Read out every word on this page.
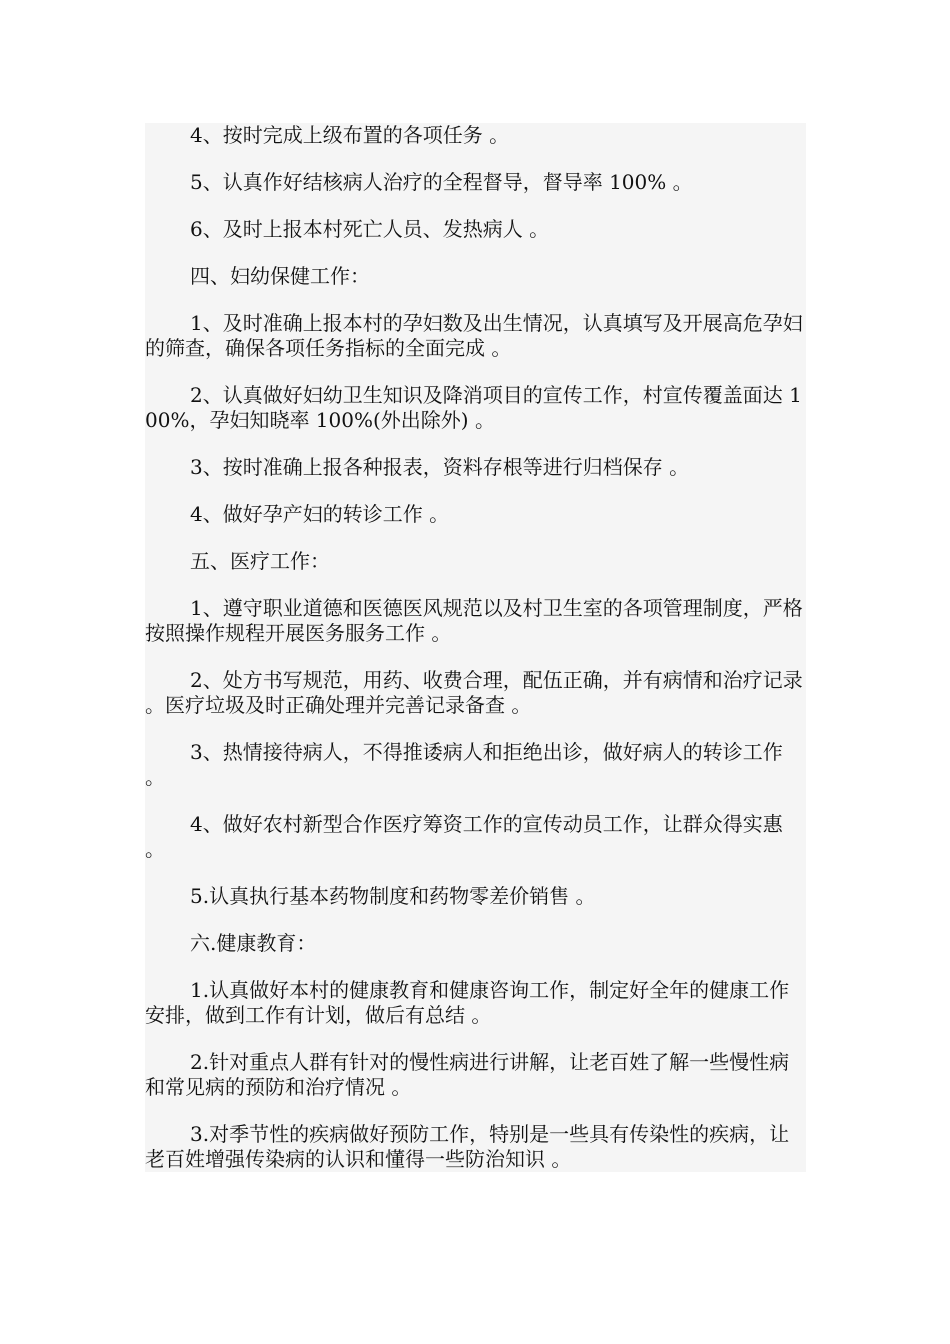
4、按时完成上级布置的各项任务 。

5、认真作好结核病人治疗的全程督导，督导率 100% 。

6、及时上报本村死亡人员、发热病人 。

四、妇幼保健工作：

1、及时准确上报本村的孕妇数及出生情况，认真填写及开展高危孕妇的筛查，确保各项任务指标的全面完成 。

2、认真做好妇幼卫生知识及降消项目的宣传工作，村宣传覆盖面达 100%，孕妇知晓率 100%(外出除外) 。

3、按时准确上报各种报表，资料存根等进行归档保存 。

4、做好孕产妇的转诊工作 。

五、医疗工作：

1、遵守职业道德和医德医风规范以及村卫生室的各项管理制度，严格按照操作规程开展医务服务工作 。

2、处方书写规范，用药、收费合理，配伍正确，并有病情和治疗记录 。医疗垃圾及时正确处理并完善记录备查 。

3、热情接待病人，不得推诿病人和拒绝出诊，做好病人的转诊工作 。

4、做好农村新型合作医疗筹资工作的宣传动员工作，让群众得实惠 。

5.认真执行基本药物制度和药物零差价销售 。

六.健康教育：

1.认真做好本村的健康教育和健康咨询工作，制定好全年的健康工作安排，做到工作有计划，做后有总结 。

2.针对重点人群有针对的慢性病进行讲解，让老百姓了解一些慢性病和常见病的预防和治疗情况 。

3.对季节性的疾病做好预防工作，特别是一些具有传染性的疾病，让老百姓增强传染病的认识和懂得一些防治知识 。
